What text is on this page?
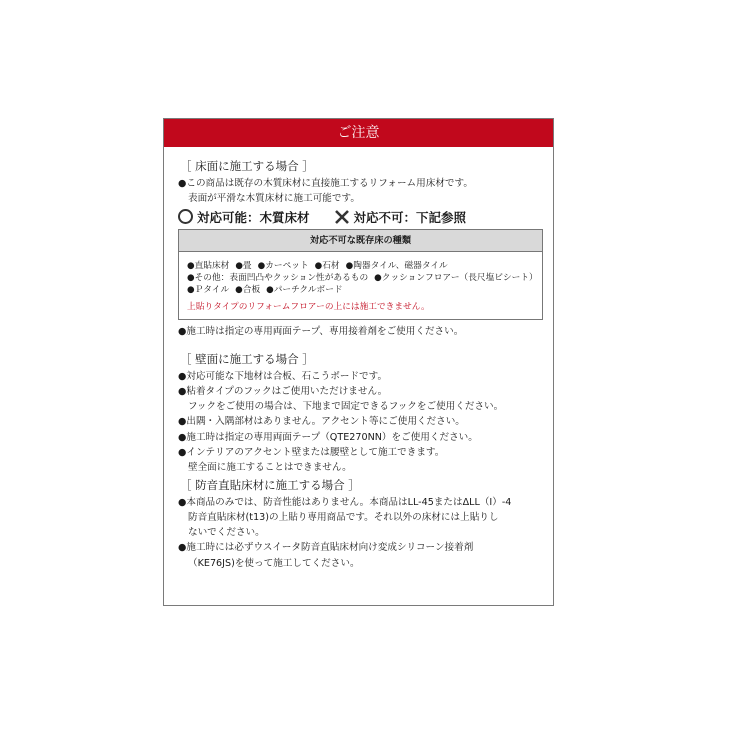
ご注意
［ 床面に施工する場合 ］
●この商品は既存の木質床材に直接施工するリフォーム用床材です。
表面が平滑な木質床材に施工可能です。
対応可能：木質床材	対応不可：下記参照
対応不可な既存床の種類
●直貼床材 ●畳 ●カーペット ●石材 ●陶器タイル、磁器タイル
●その他：表面凹凸やクッション性があるもの ●クッションフロアー（長尺塩ビシート）
●Ｐタイル ●合板 ●パーチクルボード
上貼りタイプのリフォームフロアーの上には施工できません。
●施工時は指定の専用両面テープ、専用接着剤をご使用ください。
［ 壁面に施工する場合 ］
●対応可能な下地材は合板、石こうボードです。
●粘着タイプのフックはご使用いただけません。
フックをご使用の場合は、下地まで固定できるフックをご使用ください。
●出隅・入隅部材はありません。アクセント等にご使用ください。
●施工時は指定の専用両面テープ（QTE270NN）をご使用ください。
●インテリアのアクセント壁または腰壁として施工できます。
壁全面に施工することはできません。
［ 防音直貼床材に施工する場合 ］
●本商品のみでは、防音性能はありません。本商品はLL-45またはΔLL（I）-4
防音直貼床材(t13)の上貼り専用商品です。それ以外の床材には上貼りし
ないでください。
●施工時には必ずウスイータ防音直貼床材向け変成シリコーン接着剤
（KE76JS)を使って施工してください。
